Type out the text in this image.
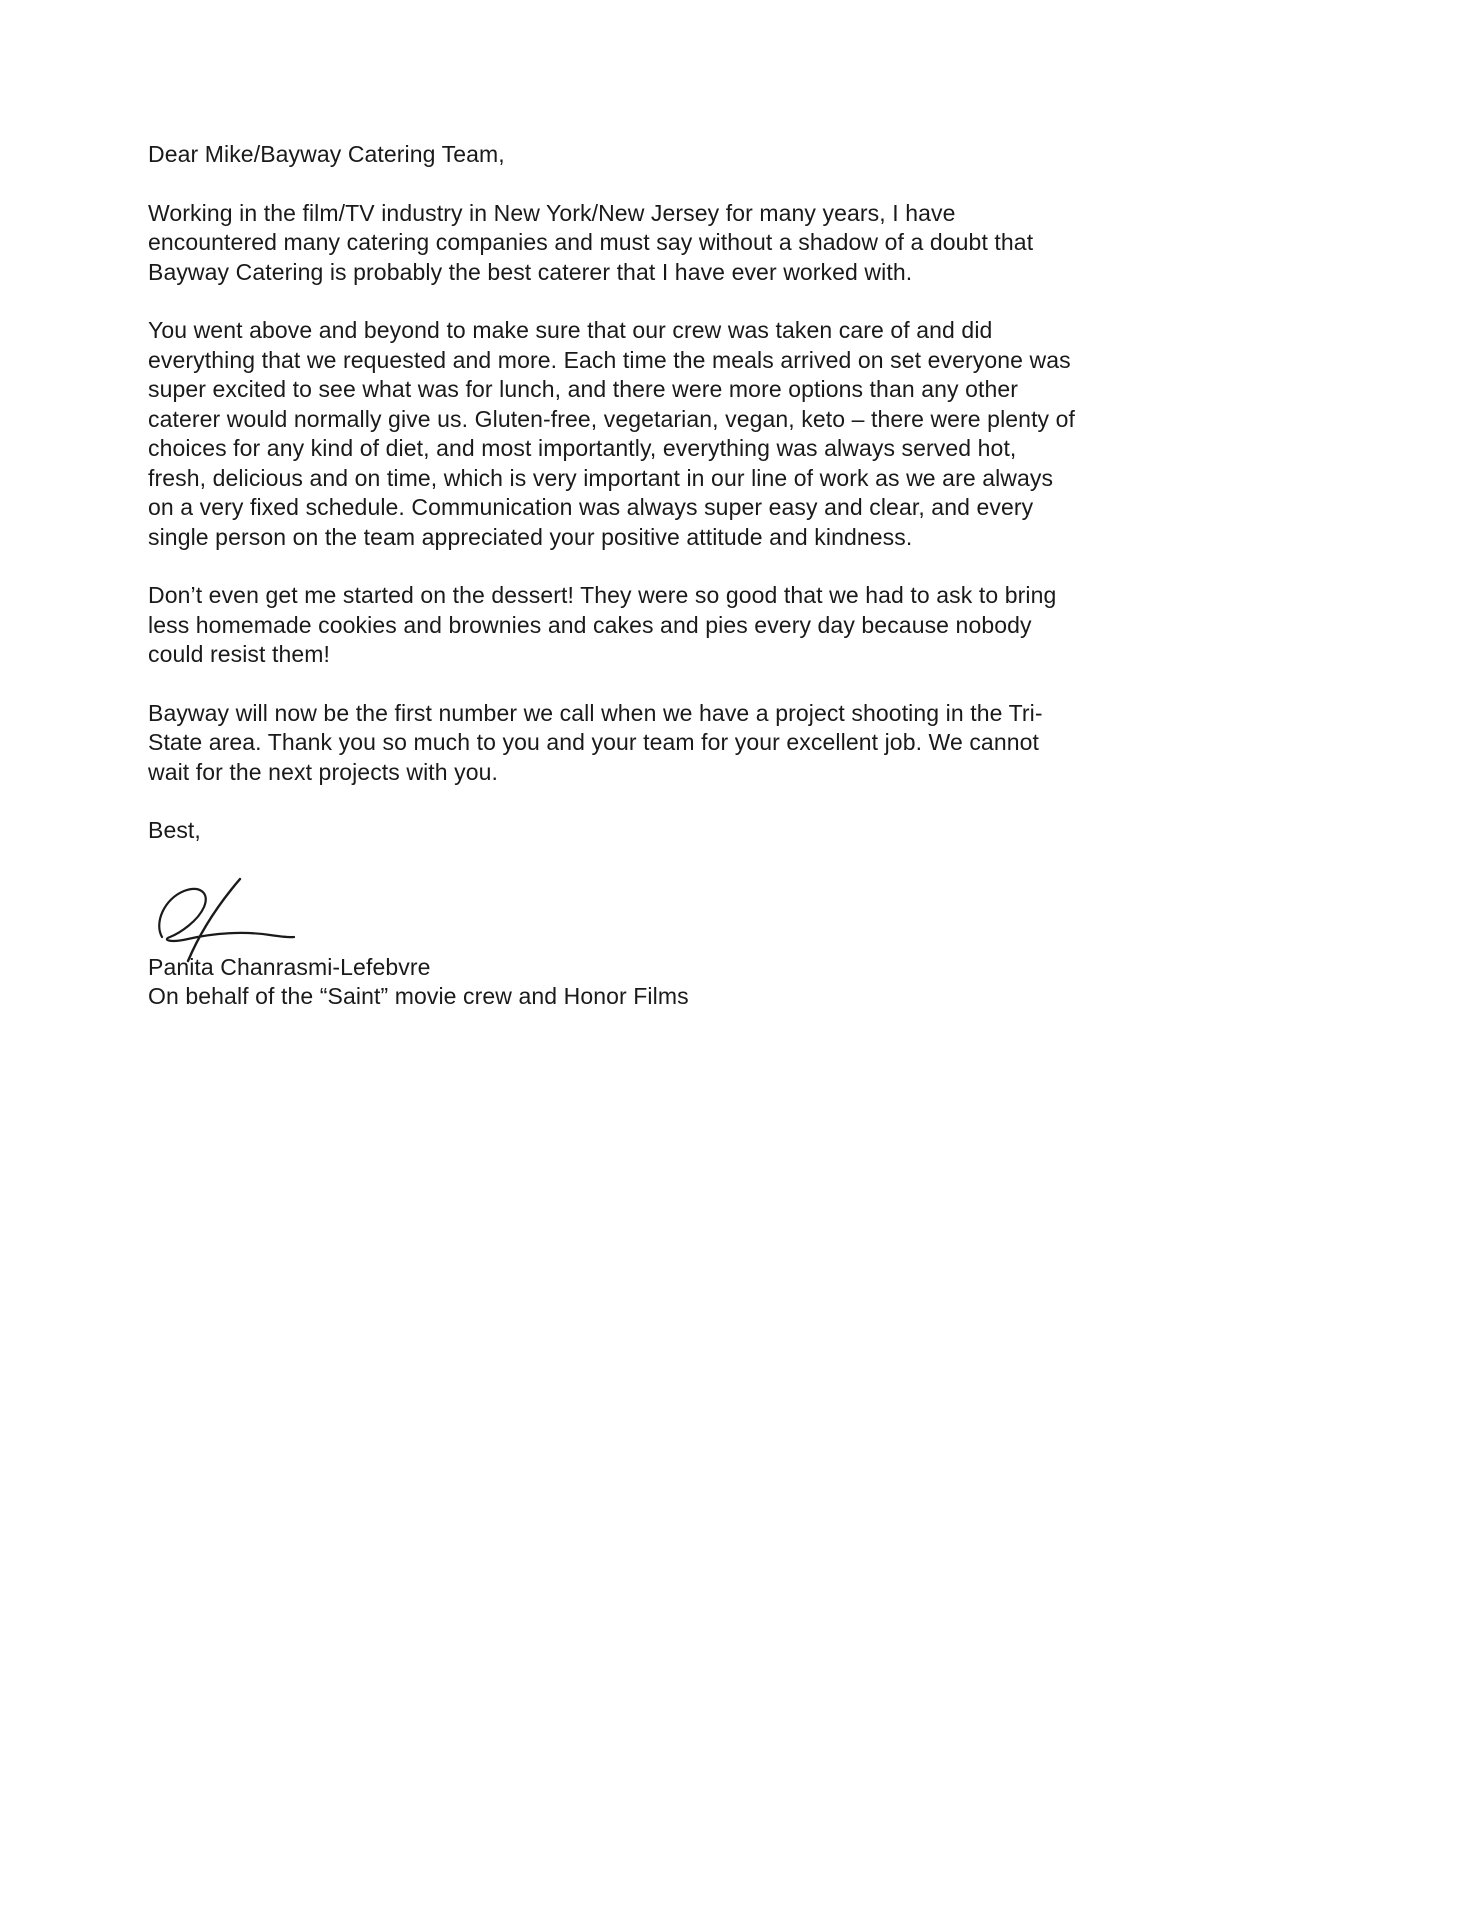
Dear Mike/Bayway Catering Team,

Working in the film/TV industry in New York/New Jersey for many years, I have encountered many catering companies and must say without a shadow of a doubt that Bayway Catering is probably the best caterer that I have ever worked with.

You went above and beyond to make sure that our crew was taken care of and did everything that we requested and more. Each time the meals arrived on set everyone was super excited to see what was for lunch, and there were more options than any other caterer would normally give us. Gluten-free, vegetarian, vegan, keto – there were plenty of choices for any kind of diet, and most importantly, everything was always served hot, fresh, delicious and on time, which is very important in our line of work as we are always on a very fixed schedule. Communication was always super easy and clear, and every single person on the team appreciated your positive attitude and kindness.

Don’t even get me started on the dessert! They were so good that we had to ask to bring less homemade cookies and brownies and cakes and pies every day because nobody could resist them!

Bayway will now be the first number we call when we have a project shooting in the Tri-State area. Thank you so much to you and your team for your excellent job. We cannot wait for the next projects with you.

Best,

Panita Chanrasmi-Lefebvre

On behalf of the “Saint” movie crew and Honor Films
